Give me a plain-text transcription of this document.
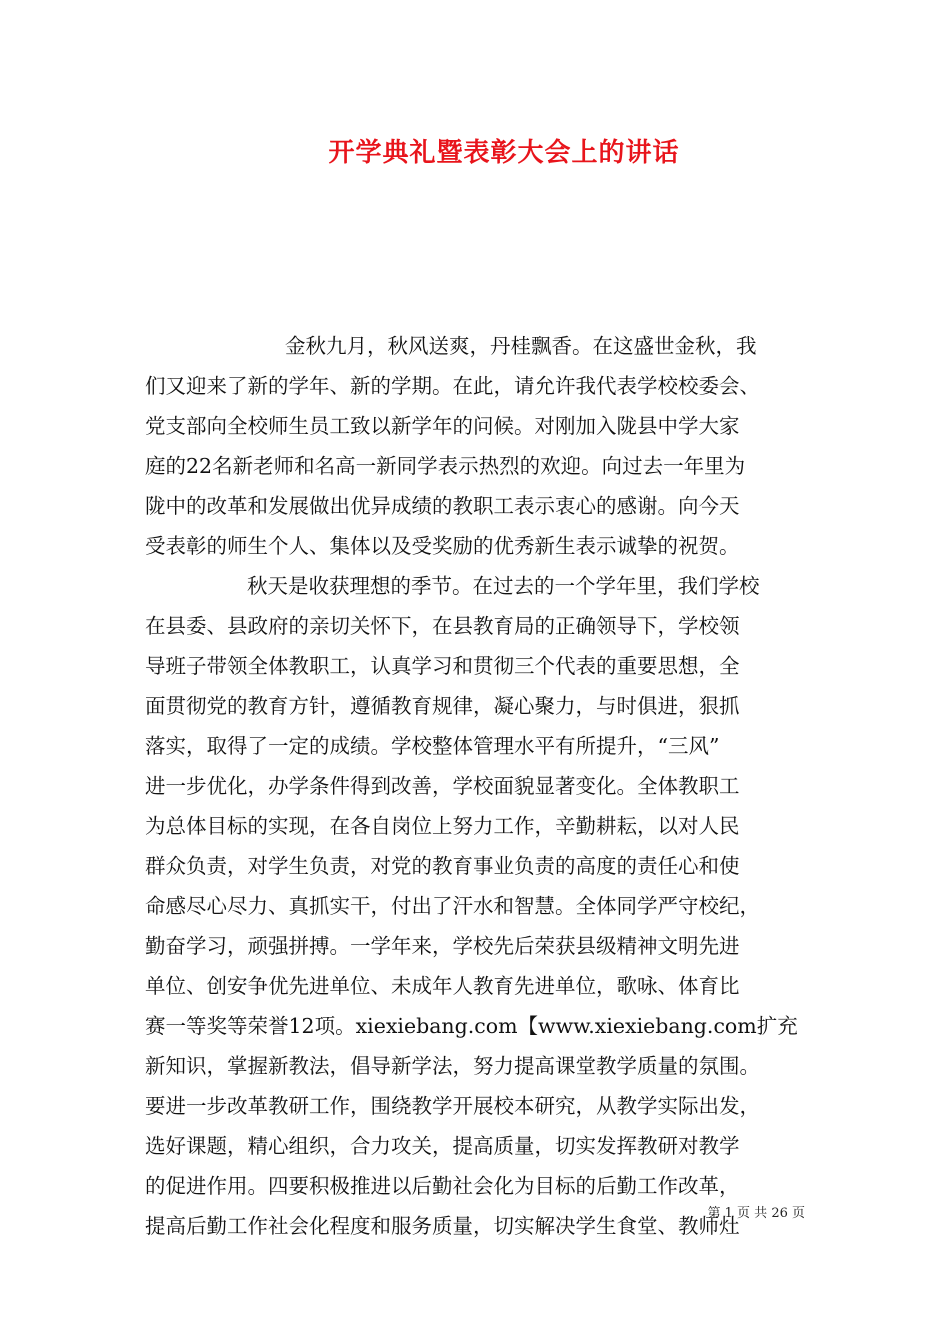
开学典礼暨表彰大会上的讲话
金秋九月，秋风送爽，丹桂飘香。在这盛世金秋，我
们又迎来了新的学年、新的学期。在此，请允许我代表学校校委会、
党支部向全校师生员工致以新学年的问候。对刚加入陇县中学大家
庭的22名新老师和名高一新同学表示热烈的欢迎。向过去一年里为
陇中的改革和发展做出优异成绩的教职工表示衷心的感谢。向今天
受表彰的师生个人、集体以及受奖励的优秀新生表示诚挚的祝贺。
秋天是收获理想的季节。在过去的一个学年里，我们学校
在县委、县政府的亲切关怀下，在县教育局的正确领导下，学校领
导班子带领全体教职工，认真学习和贯彻三个代表的重要思想，全
面贯彻党的教育方针，遵循教育规律，凝心聚力，与时俱进，狠抓
落实，取得了一定的成绩。学校整体管理水平有所提升，“三风”
进一步优化，办学条件得到改善，学校面貌显著变化。全体教职工
为总体目标的实现，在各自岗位上努力工作，辛勤耕耘，以对人民
群众负责，对学生负责，对党的教育事业负责的高度的责任心和使
命感尽心尽力、真抓实干，付出了汗水和智慧。全体同学严守校纪，
勤奋学习，顽强拼搏。一学年来，学校先后荣获县级精神文明先进
单位、创安争优先进单位、未成年人教育先进单位，歌咏、体育比
赛一等奖等荣誉12项。xiexiebang.com【www.xiexiebang.com扩充
新知识，掌握新教法，倡导新学法，努力提高课堂教学质量的氛围。
要进一步改革教研工作，围绕教学开展校本研究，从教学实际出发，
选好课题，精心组织，合力攻关，提高质量，切实发挥教研对教学
的促进作用。四要积极推进以后勤社会化为目标的后勤工作改革，
提高后勤工作社会化程度和服务质量，切实解决学生食堂、教师灶
第 1 页 共 26 页
